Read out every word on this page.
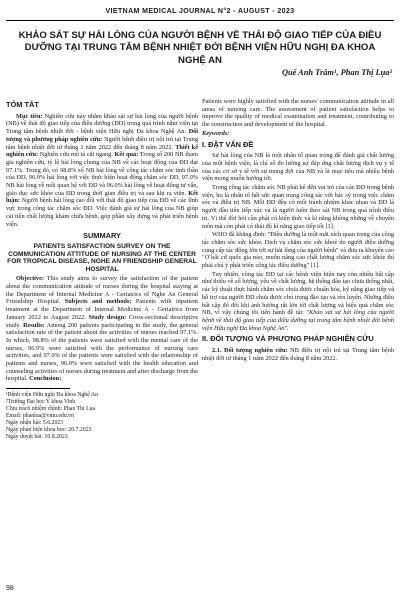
VIETNAM MEDICAL JOURNAL N°2 - AUGUST - 2023
KHẢO SÁT SỰ HÀI LÒNG CỦA NGƯỜI BỆNH VỀ THÁI ĐỘ GIAO TIẾP CỦA ĐIỀU DƯỠNG TẠI TRUNG TÂM BỆNH NHIỆT ĐỚI BỆNH VIỆN HỮU NGHỊ ĐA KHOA NGHỆ AN
Quế Anh Trâm¹, Phan Thị Lụa²
TÓM TẮT

Mục tiêu: Nghiên cứu này nhằm khảo sát sự hài lòng của người bệnh (NB) về thái độ giao tiếp của điều dưỡng (ĐD) trong quá trình nằm viện tại Trung tâm bệnh nhiệt đới - bệnh viện Hữu nghị Đa khoa Nghệ An. Đối tượng và phương pháp nghiên cứu: Người bệnh điều trị nội trú tại Trung tâm bệnh nhiệt đới từ tháng 1 năm 2022 đến tháng 8 năm 2022. Thiết kế nghiên cứu: Nghiên cứu mô tả cắt ngang. Kết quả: Trong số 200 NB tham gia nghiên cứu, tỷ lệ hài lòng chung của NB về các hoạt động của ĐD đạt 97.1%. Trong đó, có 98.8% số NB hài lòng về công tác chăm sóc tinh thần của ĐD, 96.9% hài lòng với việc thực hiện hoạt động chăm sóc ĐD, 97.0% NB hài lòng về mối quan hệ với ĐD và 96.0% hài lòng về hoạt động tư vấn, giáo dục sức khỏe của ĐD trong thời gian điều trị và sau khi ra viện. Kết luận: Người bệnh hài lòng cao đối với thái độ giao tiếp của ĐD về các lĩnh vực trong công tác chăm sóc ĐD. Việc đánh giá sự hài lòng của NB giúp cải tiến chất lượng khám chữa bệnh, góp phần xây dựng và phát triển bệnh viện.

SUMMARY
PATIENTS SATISFACTION SURVEY ON THE COMMUNICATION ATTITUDE OF NURSING AT THE CENTER FOR TROPICAL DISEASE, NGHE AN FRIENDSHIP GENERAL HOSPITAL

Objective: This study aims to survey the satisfaction of the patient about the communication attitude of nurses during the hospital staying at the Department of Internal Medicine A - Geriatrics of Nghe An General Friendship Hospital. Subjects and methods: Patients with inpatient treatment at the Department of Internal Medicine A - Geriatrics from January 2022 to August 2022. Study design: Cross-sectional descriptive study. Results: Among 200 patients participating in the study, the general satisfaction rate of the patient about the activities of nurses reached 97.1%. In which, 98.8% of the patients were satisfied with the mental care of the nurses, 96.9% were satisfied with the performance of nursing care activities, and 97.0% of the patients were satisfied with the relationship of patients and nurses, 96.0% were satisfied with the health education and counseling activities of nurses during treatment and after discharge from the hospital. Conclusion:

¹Bệnh viện Hữu nghị Đa khoa Nghệ An
²Trường Đại học Y khoa Vinh
Chịu trách nhiệm chính: Phan Thị Lụa
Email: phanlua@vmu.edu.vn
Ngày nhận bài: 5.6.2023
Ngày phản biện khoa học: 20.7.2023
Ngày duyệt bài: 10.8.2023

Patients were highly satisfied with the nurses' communication attitude in all areas of nursing care. The assessment of patient satisfaction helps to improve the quality of medical examination and treatment, contributing to the construction and development of the hospital.

Keywords:

I. ĐẶT VẤN ĐỀ

Sự hài lòng của NB là một nhân tố quan trọng để đánh giá chất lượng của một bệnh viện, là chỉ số đo lường sự đáp ứng chất lượng dịch vụ y tế của các cơ sở y tế với sự mong đợi của NB và là mục tiêu mà nhiều bệnh viện mong muốn hướng tới.

Trong công tác chăm sóc NB phải kể đến vai trò của các ĐD trong bệnh viện, họ là nhân tố hết sức quan trọng công tác với bác sỹ trong việc chăm sóc và điều trị NB. Mỗi ĐD đều có mối tránh nhiệm khác nhau và ĐD là người đầu tiên tiếp xúc và là người luôn theo sát NB trong quá trình điều trị. Vì thế đòi hỏi cần phải có kiến thức và kĩ năng không những về chuyên môn mà còn phải có thái độ kĩ năng giao tiếp tốt [1].

WHO đã khẳng định: "Điều dưỡng là một mắt xích quan trọng của công tác chăm sóc sức khỏe. Dịch vụ chăm sóc sức khoẻ do người điều dưỡng cung cấp tác động lớn tới sự hài lòng của người bệnh" và đưa ra khuyến cáo "Ở bất cứ quốc gia nào, muốn nâng cao chất lượng chăm sóc sức khỏe thì phải chú ý phát triển công tác điều dưỡng" [1].

Tuy nhiên, công tác ĐD tại các bệnh viện hiện nay còn nhiều bất cập như thiếu về số lượng, yếu về chất lượng, hệ thống đào tạo chưa thống nhất, các kỹ thuật thực hành chăm sóc chưa được chuẩn hóa, kỹ năng giao tiếp và hỗ trợ của người ĐD chưa được chú trọng đào tạo và rèn luyện. Những điều bất cập đó đôi khi ảnh hưởng rất lớn tới chất lượng và hiệu quả chăm sóc NB, vì vậy chúng tôi tiến hành đề tài: "Khảo sát sự hài lòng của người bệnh về thái độ giao tiếp của điều dưỡng tại trung tâm bệnh nhiệt đới bệnh viện Hữu nghị Đa khoa Nghệ An".

II. ĐỐI TƯỢNG VÀ PHƯƠNG PHÁP NGHIÊN CỨU

2.1. Đối tượng nghiên cứu: NB điều trị nội trú tại Trung tâm bệnh nhiệt đới từ tháng 1 năm 2022 đến tháng 8 năm 2022.

98
